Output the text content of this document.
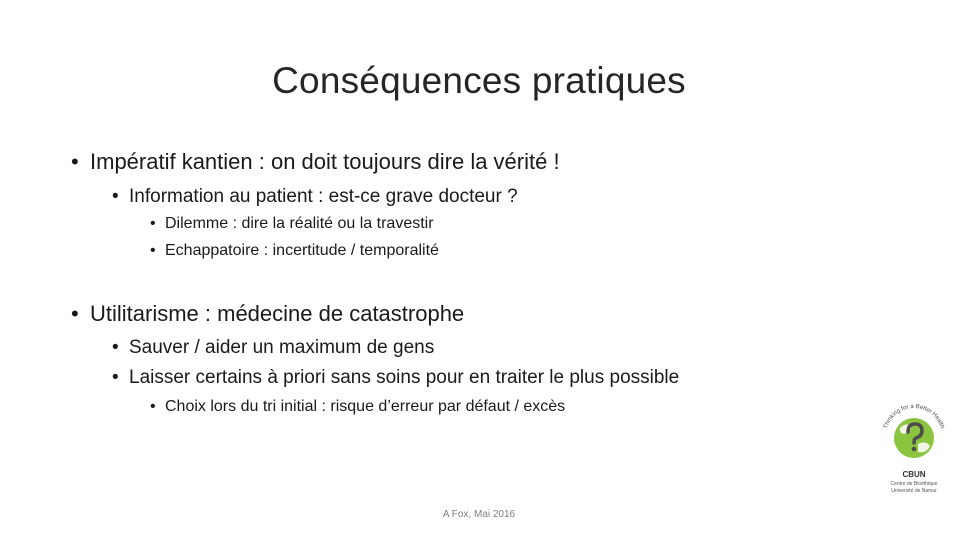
Conséquences pratiques
• Impératif kantien : on doit toujours dire la vérité !
• Information au patient : est-ce grave docteur ?
• Dilemme : dire la réalité ou la travestir
• Echappatoire : incertitude / temporalité
• Utilitarisme : médecine de catastrophe
• Sauver / aider un maximum de gens
• Laisser certains à priori sans soins pour en traiter le plus possible
• Choix lors du tri initial : risque d’erreur par défaut / excès
Thinking for a Better Health
CBUN
Centre de Bioéthique
Université de Namur
A Fox, Mai 2016
